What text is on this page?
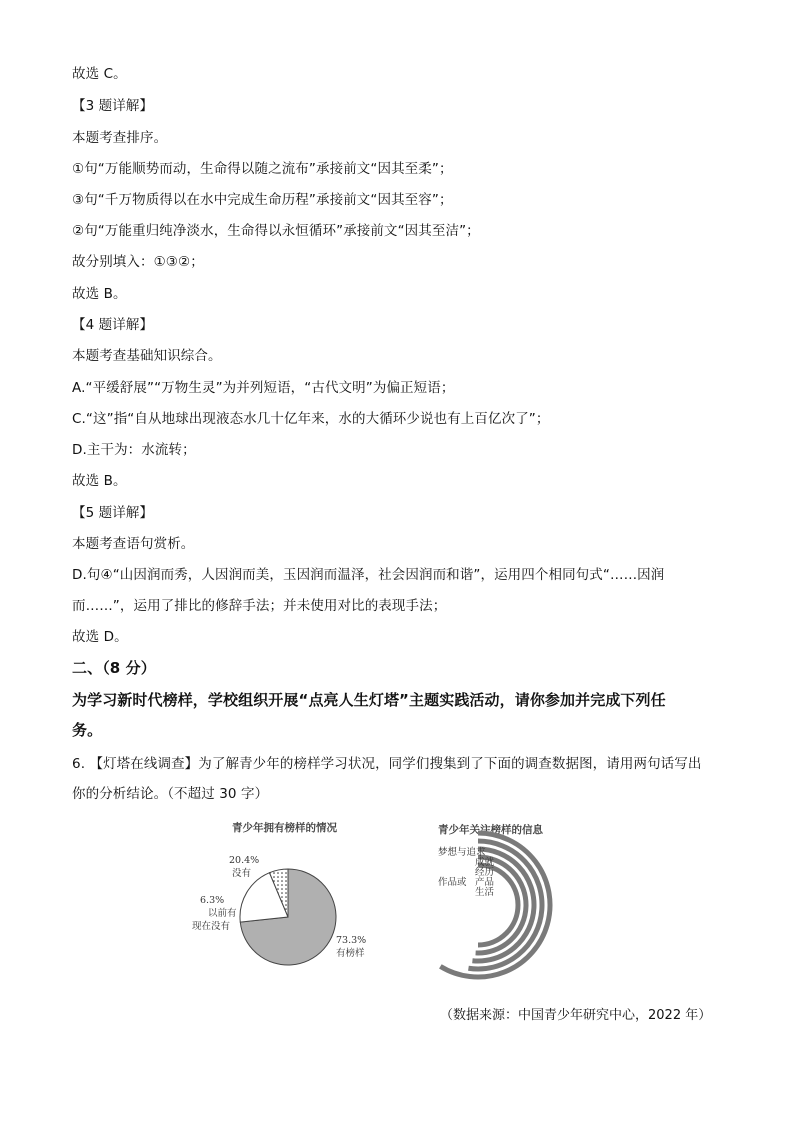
故选 C。
【3 题详解】
本题考查排序。
①句“万能顺势而动，生命得以随之流布”承接前文“因其至柔”；
③句“千万物质得以在水中完成生命历程”承接前文“因其至容”；
②句“万能重归纯净淡水，生命得以永恒循环”承接前文“因其至洁”；
故分别填入：①③②；
故选 B。
【4 题详解】
本题考查基础知识综合。
A.“平缓舒展”“万物生灵”为并列短语，“古代文明”为偏正短语；
C.“这”指“自从地球出现液态水几十亿年来，水的大循环少说也有上百亿次了”；
D.主干为：水流转；
故选 B。
【5 题详解】
本题考查语句赏析。
D.句④“山因润而秀，人因润而美，玉因润而温泽，社会因润而和谐”，运用四个相同句式“……因润
而……”，运用了排比的修辞手法；并未使用对比的表现手法；
故选 D。
二、（8 分）
为学习新时代榜样，学校组织开展“点亮人生灯塔”主题实践活动，请你参加并完成下列任
务。
6. 【灯塔在线调查】为了解青少年的榜样学习状况，同学们搜集到了下面的调查数据图，请用两句话写出
你的分析结论。（不超过 30 字）
青少年拥有榜样的情况
20.4%
没有
6.3%
以前有
现在没有
73.3%
有榜样
青少年关注榜样的信息
梦想与追求
成就
经历
产品
生活
作品或
（数据来源：中国青少年研究中心，2022 年）
